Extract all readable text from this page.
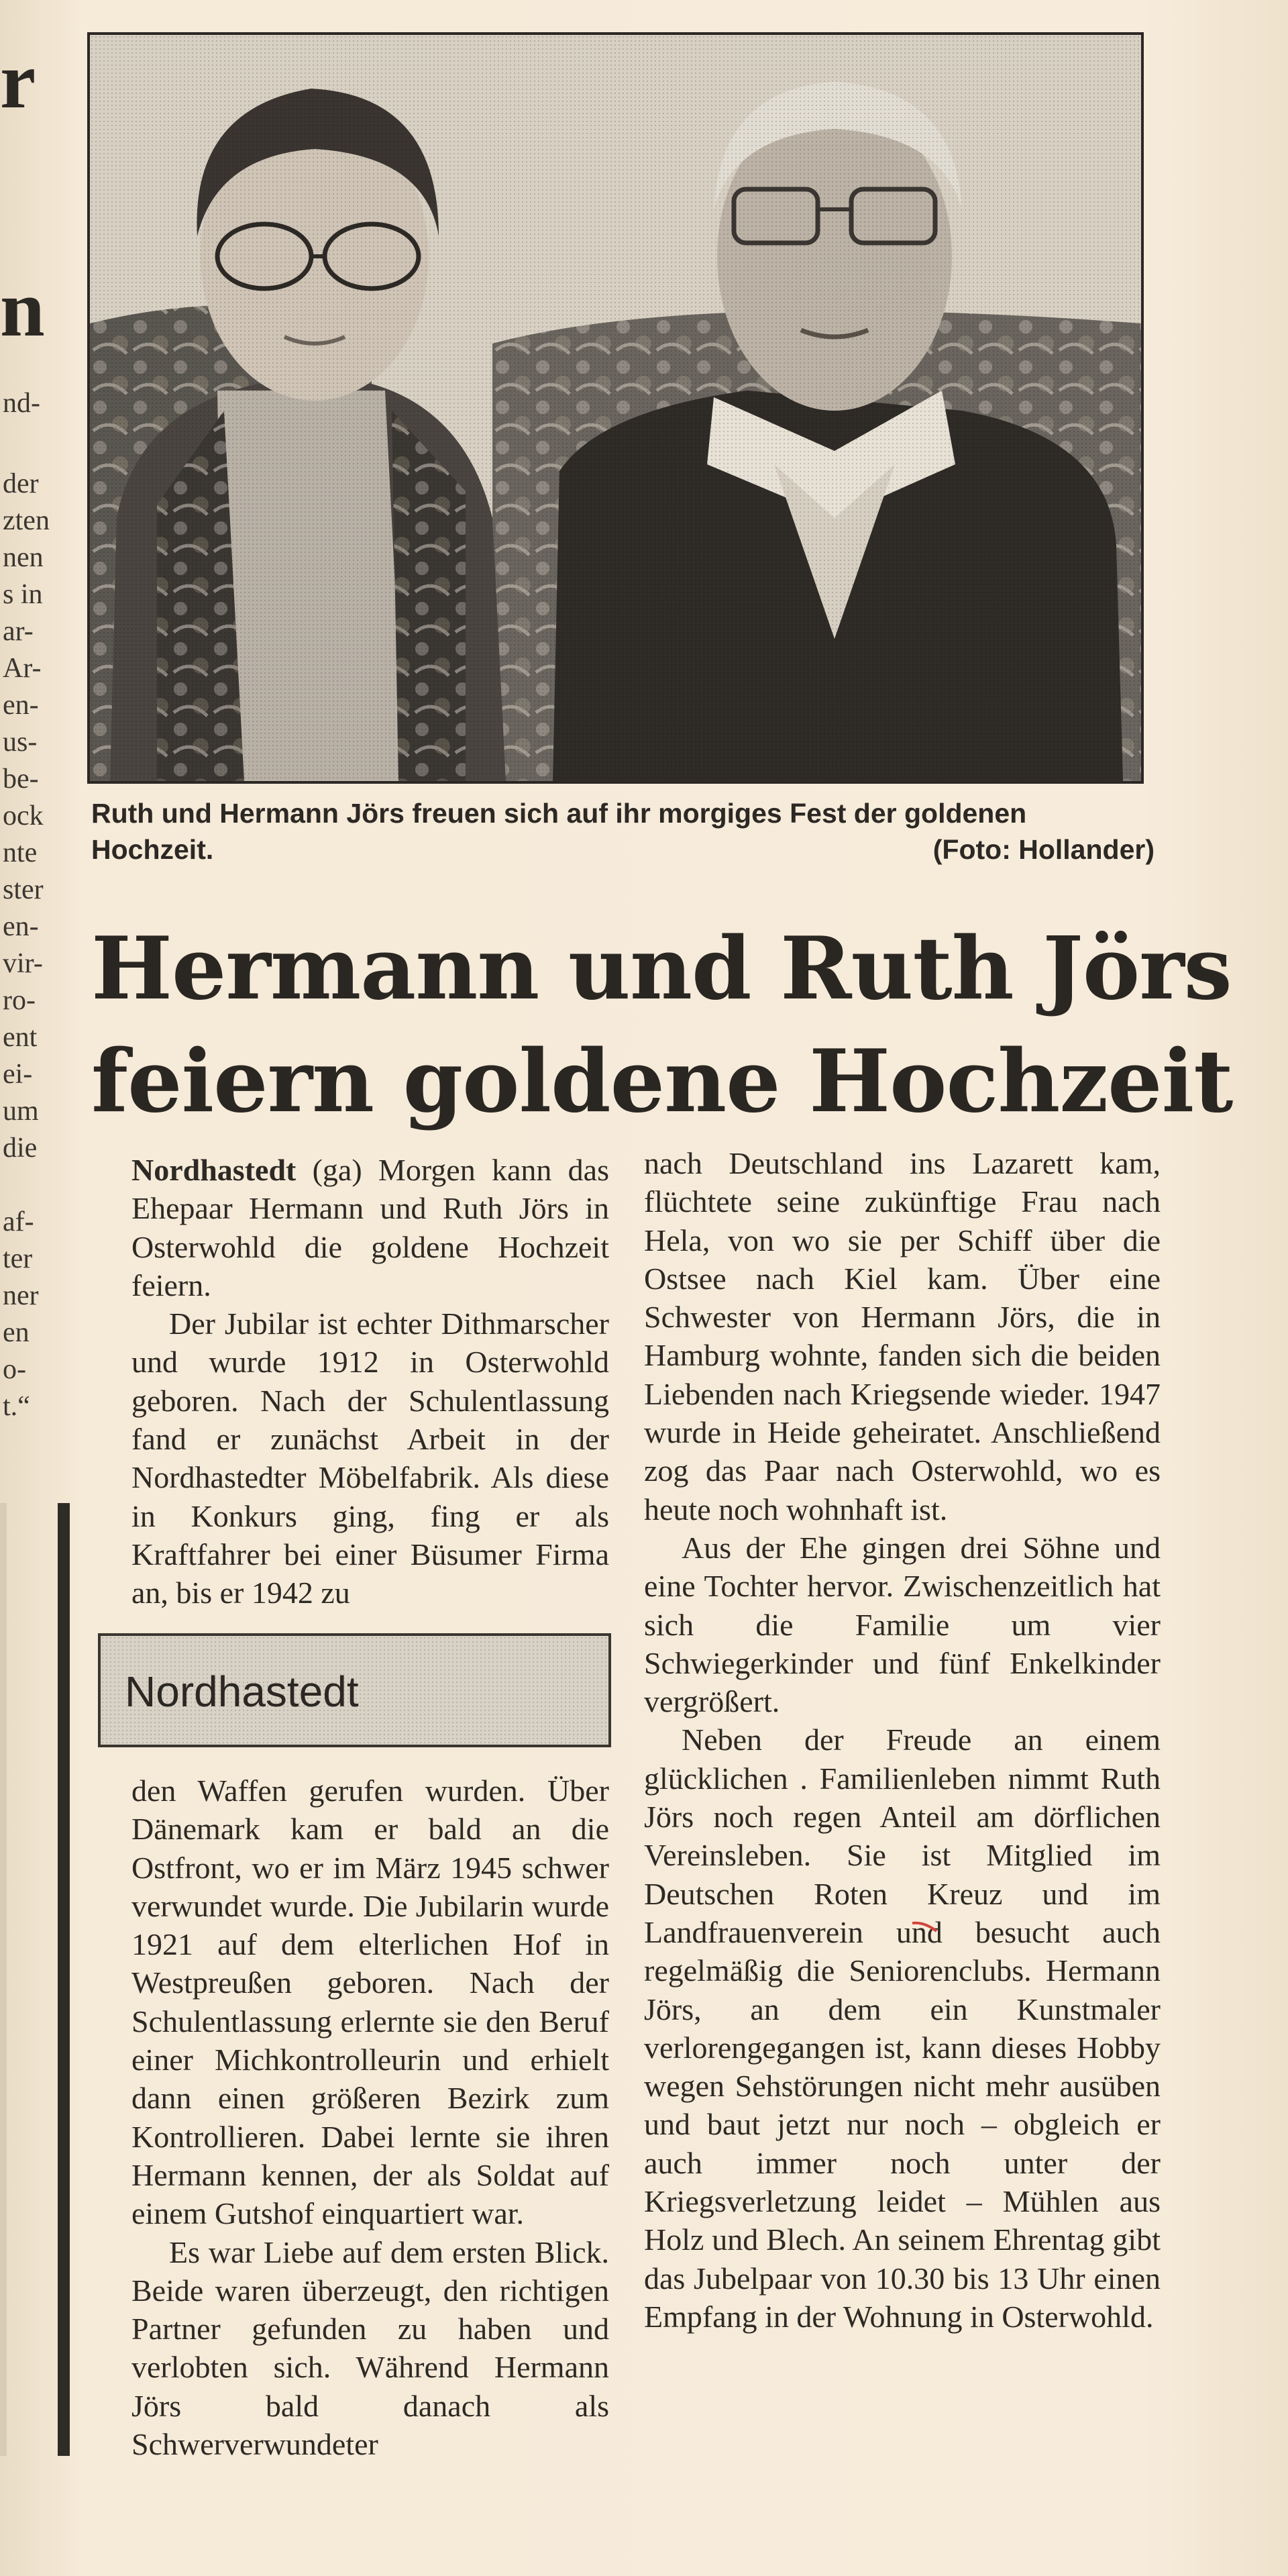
r
n
nd-
der
zten
nen
s in
ar-
Ar-
en-
us-
be-
ock
nte
ster
en-
vir-
ro-
ent
ei-
um
die
af-
ter
ner
en
o-
t.“
Ruth und Hermann Jörs freuen sich auf ihr morgiges Fest der goldenen Hochzeit.	(Foto: Hollander)
Hermann und Ruth Jörs
feiern goldene Hochzeit

Nordhastedt (ga) Morgen kann das Ehepaar Hermann und Ruth Jörs in Osterwohld die goldene Hochzeit feiern.

Der Jubilar ist echter Dithmarscher und wurde 1912 in Osterwohld geboren. Nach der Schulentlassung fand er zunächst Arbeit in der Nordhastedter Möbelfabrik. Als diese in Konkurs ging, fing er als Kraftfahrer bei einer Büsumer Firma an, bis er 1942 zu

Nordhastedt

den Waffen gerufen wurden. Über Dänemark kam er bald an die Ostfront, wo er im März 1945 schwer verwundet wurde. Die Jubilarin wurde 1921 auf dem elterlichen Hof in Westpreußen geboren. Nach der Schulentlassung erlernte sie den Beruf einer Michkontrolleurin und erhielt dann einen größeren Bezirk zum Kontrollieren. Dabei lernte sie ihren Hermann kennen, der als Soldat auf einem Gutshof einquartiert war.

Es war Liebe auf dem ersten Blick. Beide waren überzeugt, den richtigen Partner gefunden zu haben und verlobten sich. Während Hermann Jörs bald danach als Schwerverwundeter

nach Deutschland ins Lazarett kam, flüchtete seine zukünftige Frau nach Hela, von wo sie per Schiff über die Ostsee nach Kiel kam. Über eine Schwester von Hermann Jörs, die in Hamburg wohnte, fanden sich die beiden Liebenden nach Kriegsende wieder. 1947 wurde in Heide geheiratet. Anschließend zog das Paar nach Osterwohld, wo es heute noch wohnhaft ist.

Aus der Ehe gingen drei Söhne und eine Tochter hervor. Zwischenzeitlich hat sich die Familie um vier Schwiegerkinder und fünf Enkelkinder vergrößert.

Neben der Freude an einem glücklichen . Familienleben nimmt Ruth Jörs noch regen Anteil am dörflichen Vereinsleben. Sie ist Mitglied im Deutschen Roten Kreuz und im Landfrauenverein und besucht auch regelmäßig die Seniorenclubs. Hermann Jörs, an dem ein Kunstmaler verlorengegangen ist, kann dieses Hobby wegen Sehstörungen nicht mehr ausüben und baut jetzt nur noch – obgleich er auch immer noch unter der Kriegsverletzung leidet – Mühlen aus Holz und Blech. An seinem Ehrentag gibt das Jubelpaar von 10.30 bis 13 Uhr einen Empfang in der Wohnung in Osterwohld.
